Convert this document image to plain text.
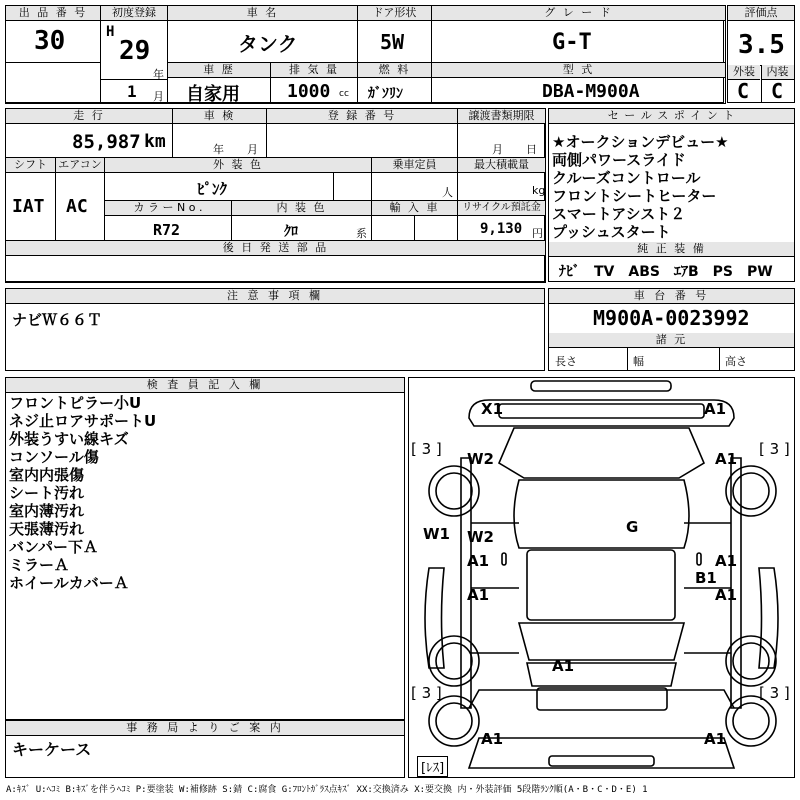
出 品 番 号
30
初度登録
H
29
年
1 月
車 名
タンク
ドア形状
5W
グ レ ー ド
G-T
車 歴
自家用
排 気 量
1000 cc
燃 料
ｶﾞｿﾘﾝ
型 式
DBA-M900A
評価点
3.5
外装	内装
C C
走 行
85,987 km
車 検
年 月
登 録 番 号	譲渡書類期限
月 日
シフト
IAT
エアコン
AC
外 装 色
ﾋﾟﾝｸ
乗車定員
人
最大積載量
kg
カ ラ ー N o .
R72
内 装 色
ｸﾛ	系
輸 入 車	リサイクル預託金
9,130 円
後 日 発 送 部 品
セ ー ル ス ポ イ ン ト
★オークションデビュー★
両側パワースライド
クルーズコントロール
フロントシートヒーター
スマートアシスト２
プッシュスタート
純 正 装 備
ﾅﾋﾞ　TV　ABS　ｴｱB　PS　PW
注 意 事 項 欄
ナビＷ６６Ｔ
車 台 番 号
M900A-0023992
諸 元
長さ	幅	高さ
検 査 員 記 入 欄
フロントピラー小U
ネジ止ロアサポートU
外装うすい線キズ
コンソール傷
室内内張傷
シート汚れ
室内薄汚れ
天張薄汚れ
バンパー下Ａ
ミラーＡ
ホイールカバーＡ
事 務 局 よ り ご 案 内
キーケース
X1	A1
[ 3 ]	[ 3 ]
W2	A1
W1 W2
A1
G
A1
B1
A1	A1
A1
[ 3 ]	[ 3 ]
A1	A1
[ﾚｽ]
A:ｷｽﾞ U:ﾍｺﾐ B:ｷｽﾞを伴うﾍｺﾐ P:要塗装 W:補修跡 S:錆 C:腐食 G:ﾌﾛﾝﾄｶﾞﾗｽ点ｷｽﾞ XX:交換済み X:要交換 内・外装評価 5段階ﾗﾝｸ順(A・B・C・D・E) 1
